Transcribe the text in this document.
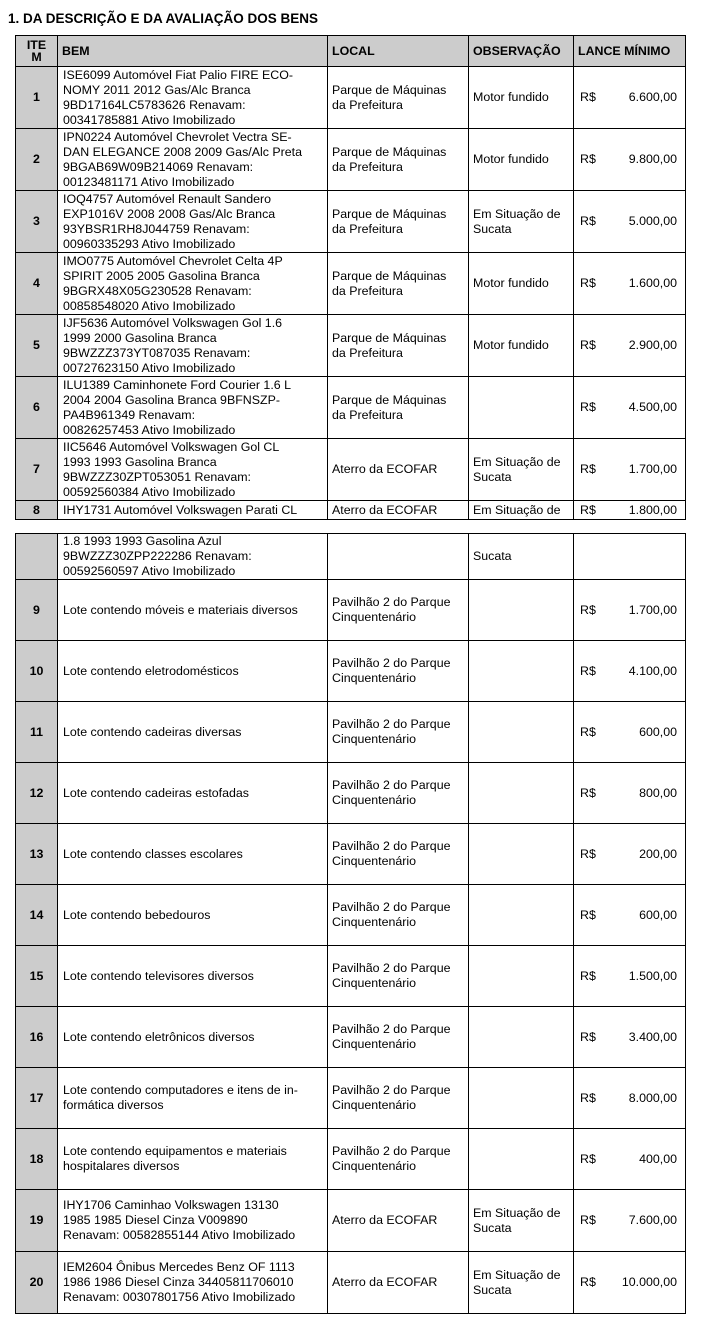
1. DA DESCRIÇÃO E DA AVALIAÇÃO DOS BENS
ITE
M	BEM	LOCAL	OBSERVAÇÃO	LANCE MÍNIMO
1	ISE6099 Automóvel Fiat Palio FIRE ECO-
NOMY 2011 2012 Gas/Alc Branca
9BD17164LC5783626 Renavam:
00341785881 Ativo Imobilizado	Parque de Máquinas
da Prefeitura	Motor fundido	R$ 6.600,00

2	IPN0224 Automóvel Chevrolet Vectra SE-
DAN ELEGANCE 2008 2009 Gas/Alc Preta
9BGAB69W09B214069 Renavam:
00123481171 Ativo Imobilizado	Parque de Máquinas
da Prefeitura	Motor fundido	R$ 9.800,00

3	IOQ4757 Automóvel Renault Sandero
EXP1016V 2008 2008 Gas/Alc Branca
93YBSR1RH8J044759 Renavam:
00960335293 Ativo Imobilizado	Parque de Máquinas
da Prefeitura	Em Situação de
Sucata	R$ 5.000,00

4	IMO0775 Automóvel Chevrolet Celta 4P
SPIRIT 2005 2005 Gasolina Branca
9BGRX48X05G230528 Renavam:
00858548020 Ativo Imobilizado	Parque de Máquinas
da Prefeitura	Motor fundido	R$ 1.600,00

5	IJF5636 Automóvel Volkswagen Gol 1.6
1999 2000 Gasolina Branca
9BWZZZ373YT087035 Renavam:
00727623150 Ativo Imobilizado	Parque de Máquinas
da Prefeitura	Motor fundido	R$ 2.900,00

6	ILU1389 Caminhonete Ford Courier 1.6 L
2004 2004 Gasolina Branca 9BFNSZP-
PA4B961349 Renavam:
00826257453 Ativo Imobilizado	Parque de Máquinas
da Prefeitura		R$ 4.500,00

7	IIC5646 Automóvel Volkswagen Gol CL
1993 1993 Gasolina Branca
9BWZZZ30ZPT053051 Renavam:
00592560384 Ativo Imobilizado	Aterro da ECOFAR	Em Situação de
Sucata	R$ 1.700,00

8	IHY1731 Automóvel Volkswagen Parati CL	Aterro da ECOFAR	Em Situação de	R$ 1.800,00
	1.8 1993 1993 Gasolina Azul
9BWZZZ30ZPP222286 Renavam:
00592560597 Ativo Imobilizado		Sucata	
9	Lote contendo móveis e materiais diversos	Pavilhão 2 do Parque
Cinquentenário		R$ 1.700,00

10	Lote contendo eletrodomésticos	Pavilhão 2 do Parque
Cinquentenário		R$ 4.100,00

11	Lote contendo cadeiras diversas	Pavilhão 2 do Parque
Cinquentenário		R$ 600,00

12	Lote contendo cadeiras estofadas	Pavilhão 2 do Parque
Cinquentenário		R$ 800,00

13	Lote contendo classes escolares	Pavilhão 2 do Parque
Cinquentenário		R$ 200,00

14	Lote contendo bebedouros	Pavilhão 2 do Parque
Cinquentenário		R$ 600,00

15	Lote contendo televisores diversos	Pavilhão 2 do Parque
Cinquentenário		R$ 1.500,00

16	Lote contendo eletrônicos diversos	Pavilhão 2 do Parque
Cinquentenário		R$ 3.400,00

17	Lote contendo computadores e itens de in-
formática diversos	Pavilhão 2 do Parque
Cinquentenário		R$ 8.000,00

18	Lote contendo equipamentos e materiais
hospitalares diversos	Pavilhão 2 do Parque
Cinquentenário		R$ 400,00

19	IHY1706 Caminhao Volkswagen 13130
1985 1985 Diesel Cinza V009890
Renavam: 00582855144 Ativo Imobilizado	Aterro da ECOFAR	Em Situação de
Sucata	R$ 7.600,00

20	IEM2604 Ônibus Mercedes Benz OF 1113
1986 1986 Diesel Cinza 34405811706010
Renavam: 00307801756 Ativo Imobilizado	Aterro da ECOFAR	Em Situação de
Sucata	R$ 10.000,00
